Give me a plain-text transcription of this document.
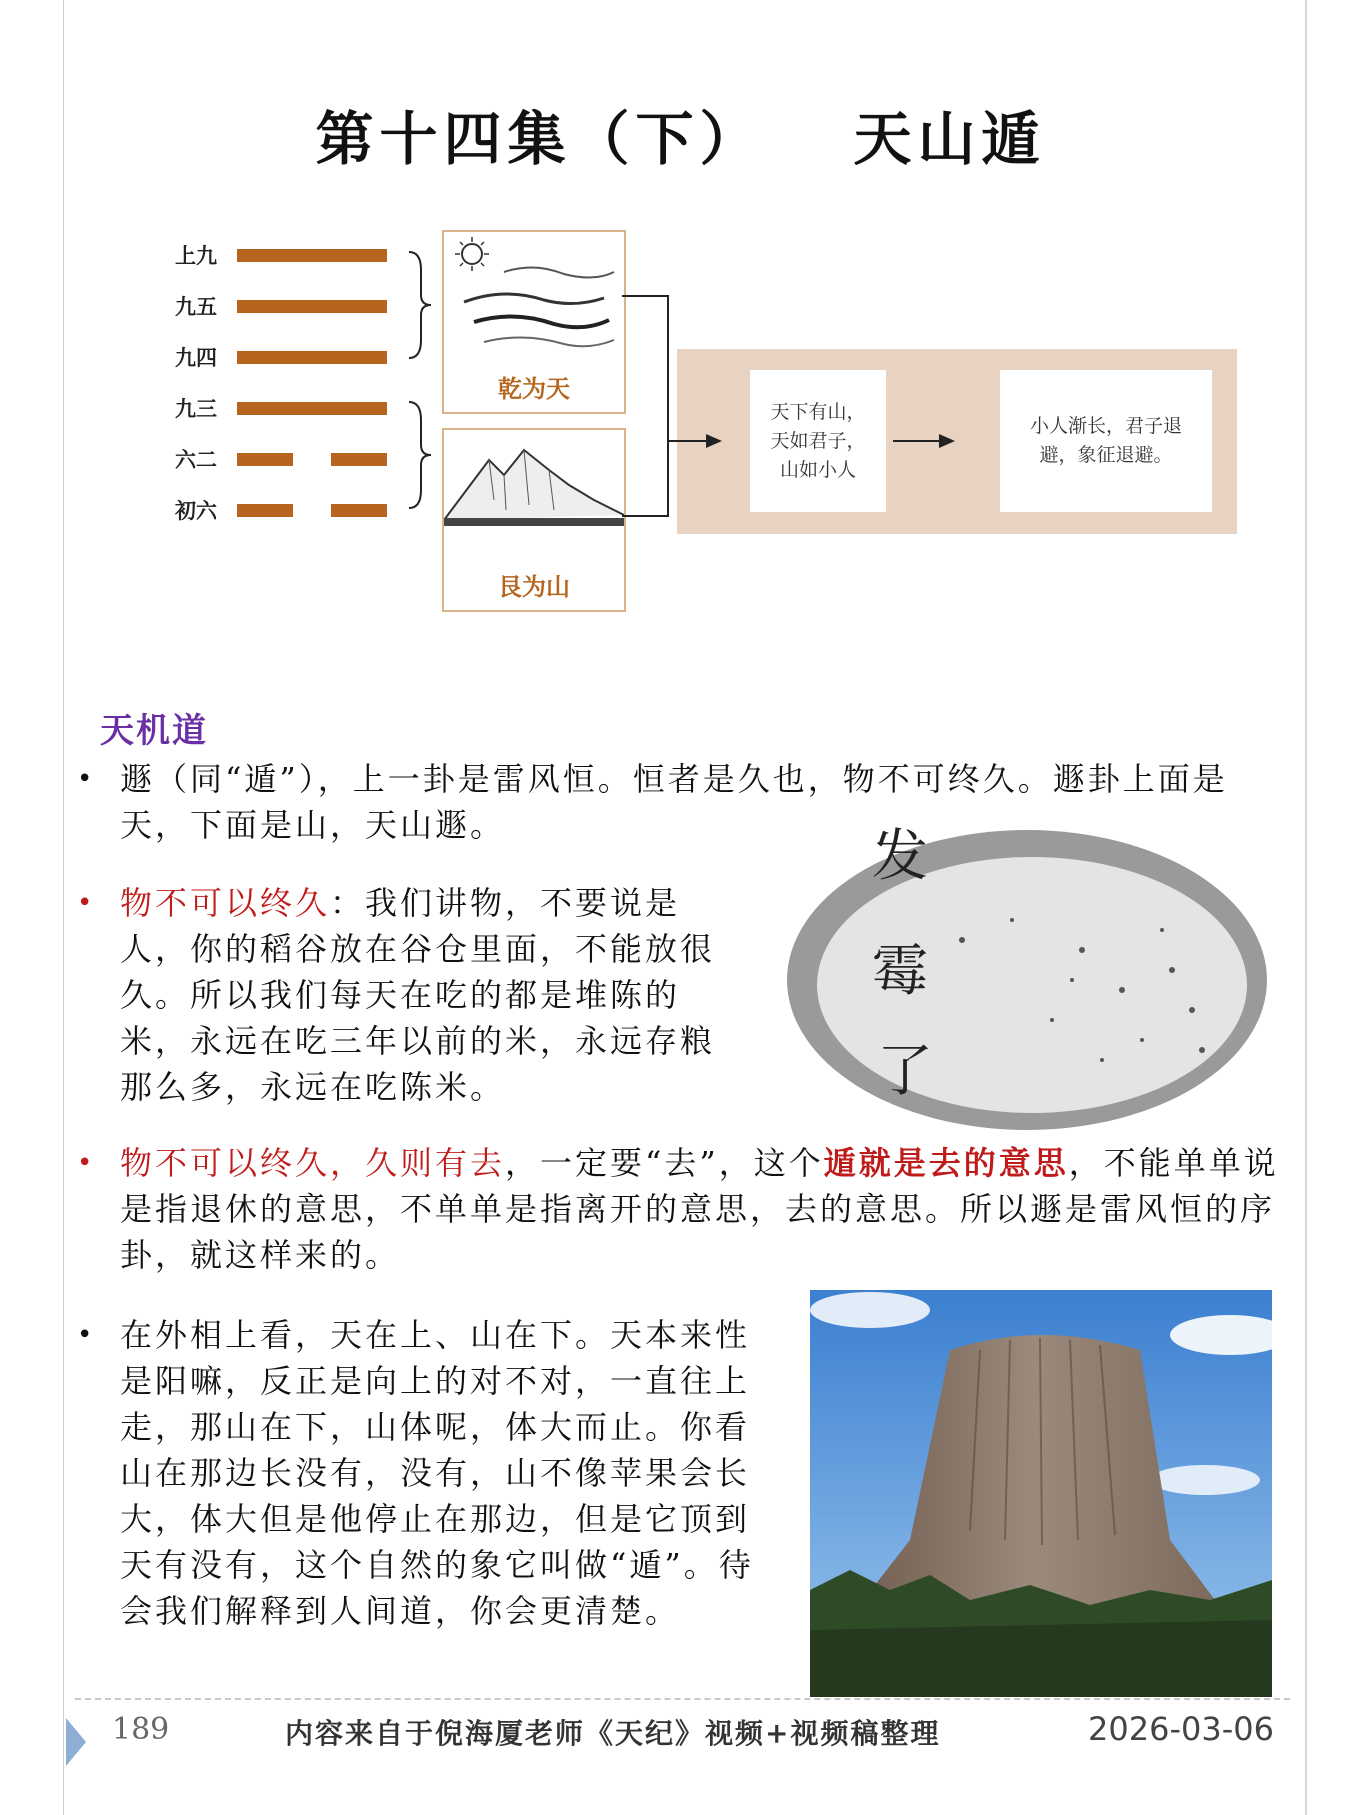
第十四集（下） 天山遁
上九
九五
九四
九三
六二
初六
乾为天
艮为山
天下有山，
天如君子，
山如小人
小人渐长，君子退
避，象征退避。
天机道
• 遯（同“遁”），上一卦是雷风恒。恒者是久也，物不可终久。遯卦上面是天，下面是山，天山遯。
• 物不可以终久：我们讲物，不要说是人，你的稻谷放在谷仓里面，不能放很久。所以我们每天在吃的都是堆陈的米，永远在吃三年以前的米，永远存粮那么多，永远在吃陈米。
发
霉
了
• 物不可以终久，久则有去，一定要“去”，这个遁就是去的意思，不能单单说是指退休的意思，不单单是指离开的意思，去的意思。所以遯是雷风恒的序卦，就这样来的。
• 在外相上看，天在上、山在下。天本来性是阳嘛，反正是向上的对不对，一直往上走，那山在下，山体呢，体大而止。你看山在那边长没有，没有，山不像苹果会长大，体大但是他停止在那边，但是它顶到天有没有，这个自然的象它叫做“遁”。待会我们解释到人间道，你会更清楚。
189	内容来自于倪海厦老师《天纪》视频+视频稿整理	2026-03-06
